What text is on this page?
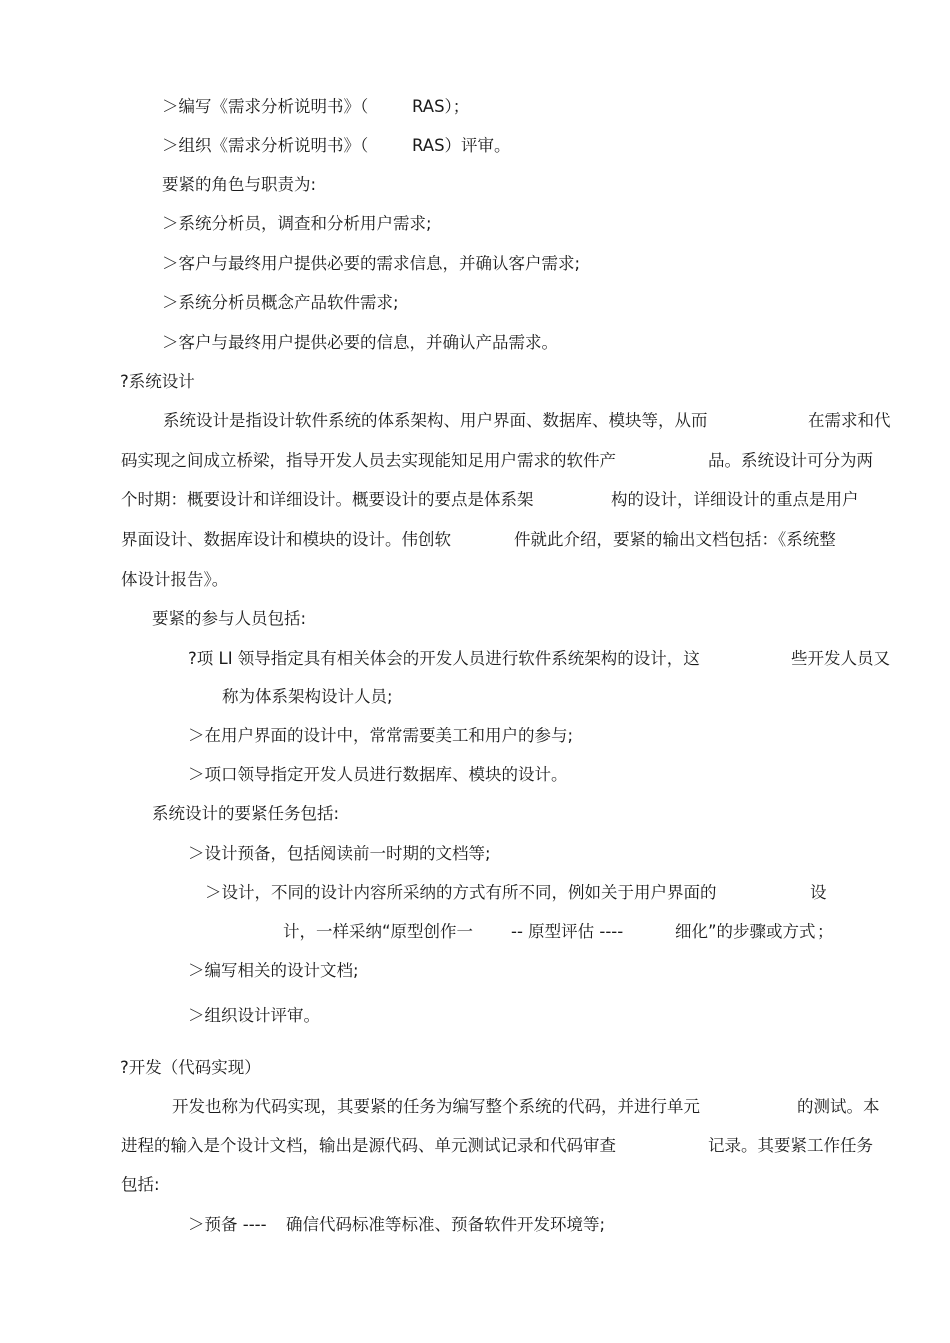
＞编写《需求分析说明书》（	RAS）；
＞组织《需求分析说明书》（	RAS）评审。
要紧的角色与职责为:
＞系统分析员，调查和分析用户需求;
＞客户与最终用户提供必要的需求信息，并确认客户需求;
＞系统分析员概念产品软件需求;
＞客户与最终用户提供必要的信息，并确认产品需求。
?系统设计
系统设计是指设计软件系统的体系架构、用户界面、数据库、模块等，从而	在需求和代
码实现之间成立桥梁，指导开发人员去实现能知足用户需求的软件产	品。系统设计可分为两
个时期：概要设计和详细设计。概要设计的要点是体系架	构的设计，详细设计的重点是用户
界面设计、数据库设计和模块的设计。伟创软	件就此介绍，要紧的输出文档包括：《系统整
体设计报告》。
要紧的参与人员包括:
?项 LI 领导指定具有相关体会的开发人员进行软件系统架构的设计，这	些开发人员又
称为体系架构设计人员;
＞在用户界面的设计中，常常需要美工和用户的参与;
＞项口领导指定开发人员进行数据库、模块的设计。
系统设计的要紧任务包括:
＞设计预备，包括阅读前一时期的文档等;
＞设计，不同的设计内容所采纳的方式有所不同，例如关于用户界面的	设
计，一样采纳“原型创作一 -- 原型评估 ----	细化”的步骤或方式 ；
＞编写相关的设计文档;
＞组织设计评审。
?开发（代码实现）
开发也称为代码实现，其要紧的任务为编写整个系统的代码，并进行单元	的测试。本
进程的输入是个设计文档，输出是源代码、单元测试记录和代码审查	记录。其要紧工作任务
包括:
＞预备 ---- 确信代码标准等标准、预备软件开发环境等;
